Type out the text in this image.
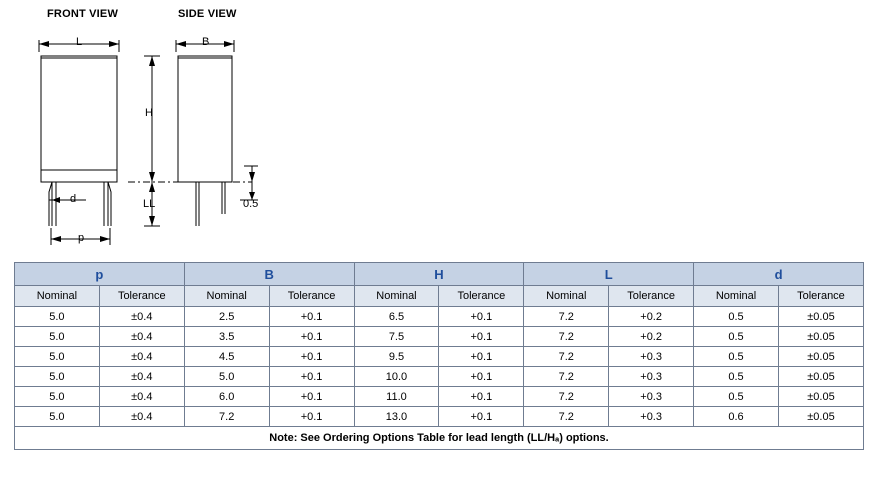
FRONT VIEW	SIDE VIEW
L	B
H
d	LL
p
0.5
p		B		H		L		d	
Nominal	Tolerance	Nominal	Tolerance	Nominal	Tolerance	Nominal	Tolerance	Nominal	Tolerance
5.0	±0.4	2.5	+0.1	6.5	+0.1	7.2	+0.2	0.5	±0.05
5.0	±0.4	3.5	+0.1	7.5	+0.1	7.2	+0.2	0.5	±0.05
5.0	±0.4	4.5	+0.1	9.5	+0.1	7.2	+0.3	0.5	±0.05
5.0	±0.4	5.0	+0.1	10.0	+0.1	7.2	+0.3	0.5	±0.05
5.0	±0.4	6.0	+0.1	11.0	+0.1	7.2	+0.3	0.5	±0.05
5.0	±0.4	7.2	+0.1	13.0	+0.1	7.2	+0.3	0.6	±0.05
Note: See Ordering Options Table for lead length (LL/Hₐ) options.									
